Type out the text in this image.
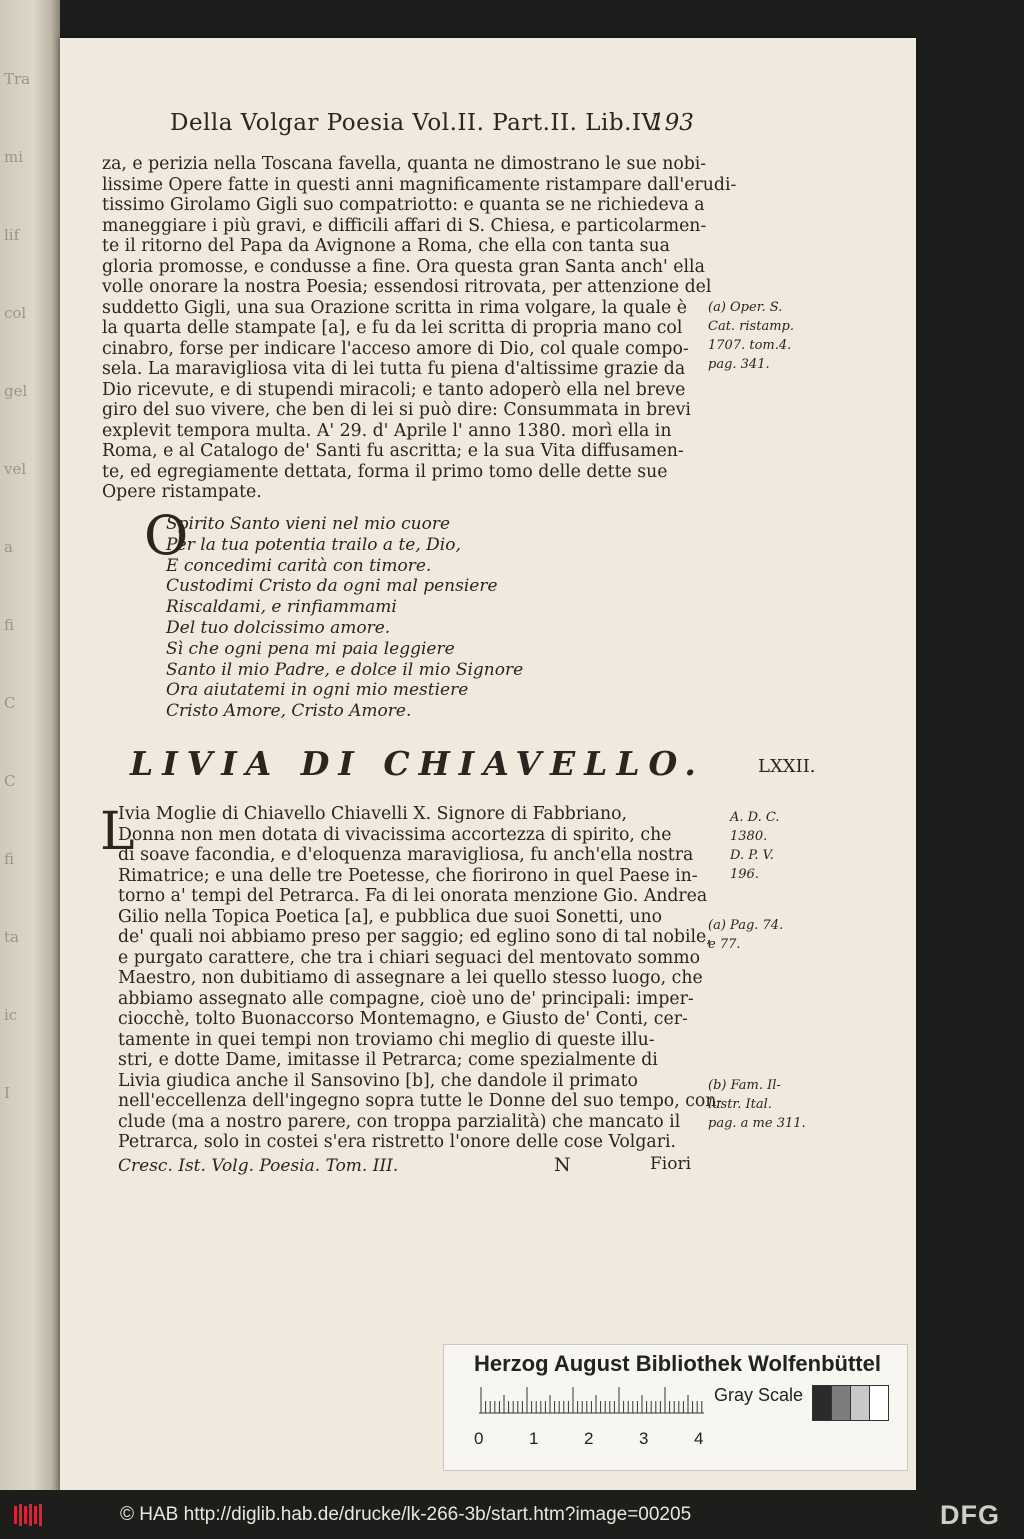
Tra
mi
lif
col
gel
vel
a
fi
C
C
fi
ta
ic
I
Della Volgar Poesia Vol.II. Part.II. Lib.IV.
193
za, e perizia nella Toscana favella, quanta ne dimostrano le sue nobi-
lissime Opere fatte in questi anni magnificamente ristampare dall'erudi-
tissimo Girolamo Gigli suo compatriotto: e quanta se ne richiedeva a
maneggiare i più gravi, e difficili affari di S. Chiesa, e particolarmen-
te il ritorno del Papa da Avignone a Roma, che ella con tanta sua
gloria promosse, e condusse a fine. Ora questa gran Santa anch' ella
volle onorare la nostra Poesia; essendosi ritrovata, per attenzione del
suddetto Gigli, una sua Orazione scritta in rima volgare, la quale è
la quarta delle stampate [a], e fu da lei scritta di propria mano col
cinabro, forse per indicare l'acceso amore di Dio, col quale compo-
sela. La maravigliosa vita di lei tutta fu piena d'altissime grazie da
Dio ricevute, e di stupendi miracoli; e tanto adoperò ella nel breve
giro del suo vivere, che ben di lei si può dire: Consummata in brevi
explevit tempora multa. A' 29. d' Aprile l' anno 1380. morì ella in
Roma, e al Catalogo de' Santi fu ascritta; e la sua Vita diffusamen-
te, ed egregiamente dettata, forma il primo tomo delle dette sue
Opere ristampate.
(a) Oper. S.
Cat. ristamp.
1707. tom.4.
pag. 341.
O
Spirito Santo vieni nel mio cuore
Per la tua potentia trailo a te, Dio,
E concedimi carità con timore.
Custodimi Cristo da ogni mal pensiere
Riscaldami, e rinfiammami
Del tuo dolcissimo amore.
Sì che ogni pena mi paia leggiere
Santo il mio Padre, e dolce il mio Signore
Ora aiutatemi in ogni mio mestiere
Cristo Amore, Cristo Amore.
LIVIA DI CHIAVELLO.	LXXII.
L
Ivia Moglie di Chiavello Chiavelli X. Signore di Fabbriano,
Donna non men dotata di vivacissima accortezza di spirito, che
di soave facondia, e d'eloquenza maravigliosa, fu anch'ella nostra
Rimatrice; e una delle tre Poetesse, che fiorirono in quel Paese in-
torno a' tempi del Petrarca. Fa di lei onorata menzione Gio. Andrea
Gilio nella Topica Poetica [a], e pubblica due suoi Sonetti, uno
de' quali noi abbiamo preso per saggio; ed eglino sono di tal nobile,
e purgato carattere, che tra i chiari seguaci del mentovato sommo
Maestro, non dubitiamo di assegnare a lei quello stesso luogo, che
abbiamo assegnato alle compagne, cioè uno de' principali: imper-
ciocchè, tolto Buonaccorso Montemagno, e Giusto de' Conti, cer-
tamente in quei tempi non troviamo chi meglio di queste illu-
stri, e dotte Dame, imitasse il Petrarca; come spezialmente di
Livia giudica anche il Sansovino [b], che dandole il primato
nell'eccellenza dell'ingegno sopra tutte le Donne del suo tempo, con-
clude (ma a nostro parere, con troppa parzialità) che mancato il
Petrarca, solo in costei s'era ristretto l'onore delle cose Volgari.
A. D. C.
1380.
D. P. V.
196.
(a) Pag. 74.
e 77.
(b) Fam. Il-
lustr. Ital.
pag. a me 311.
Cresc. Ist. Volg. Poesia. Tom. III.	N	Fiori
Herzog August Bibliothek Wolfenbüttel
0	1	2	3	4
Gray Scale
© HAB http://diglib.hab.de/drucke/lk-266-3b/start.htm?image=00205	DFG
